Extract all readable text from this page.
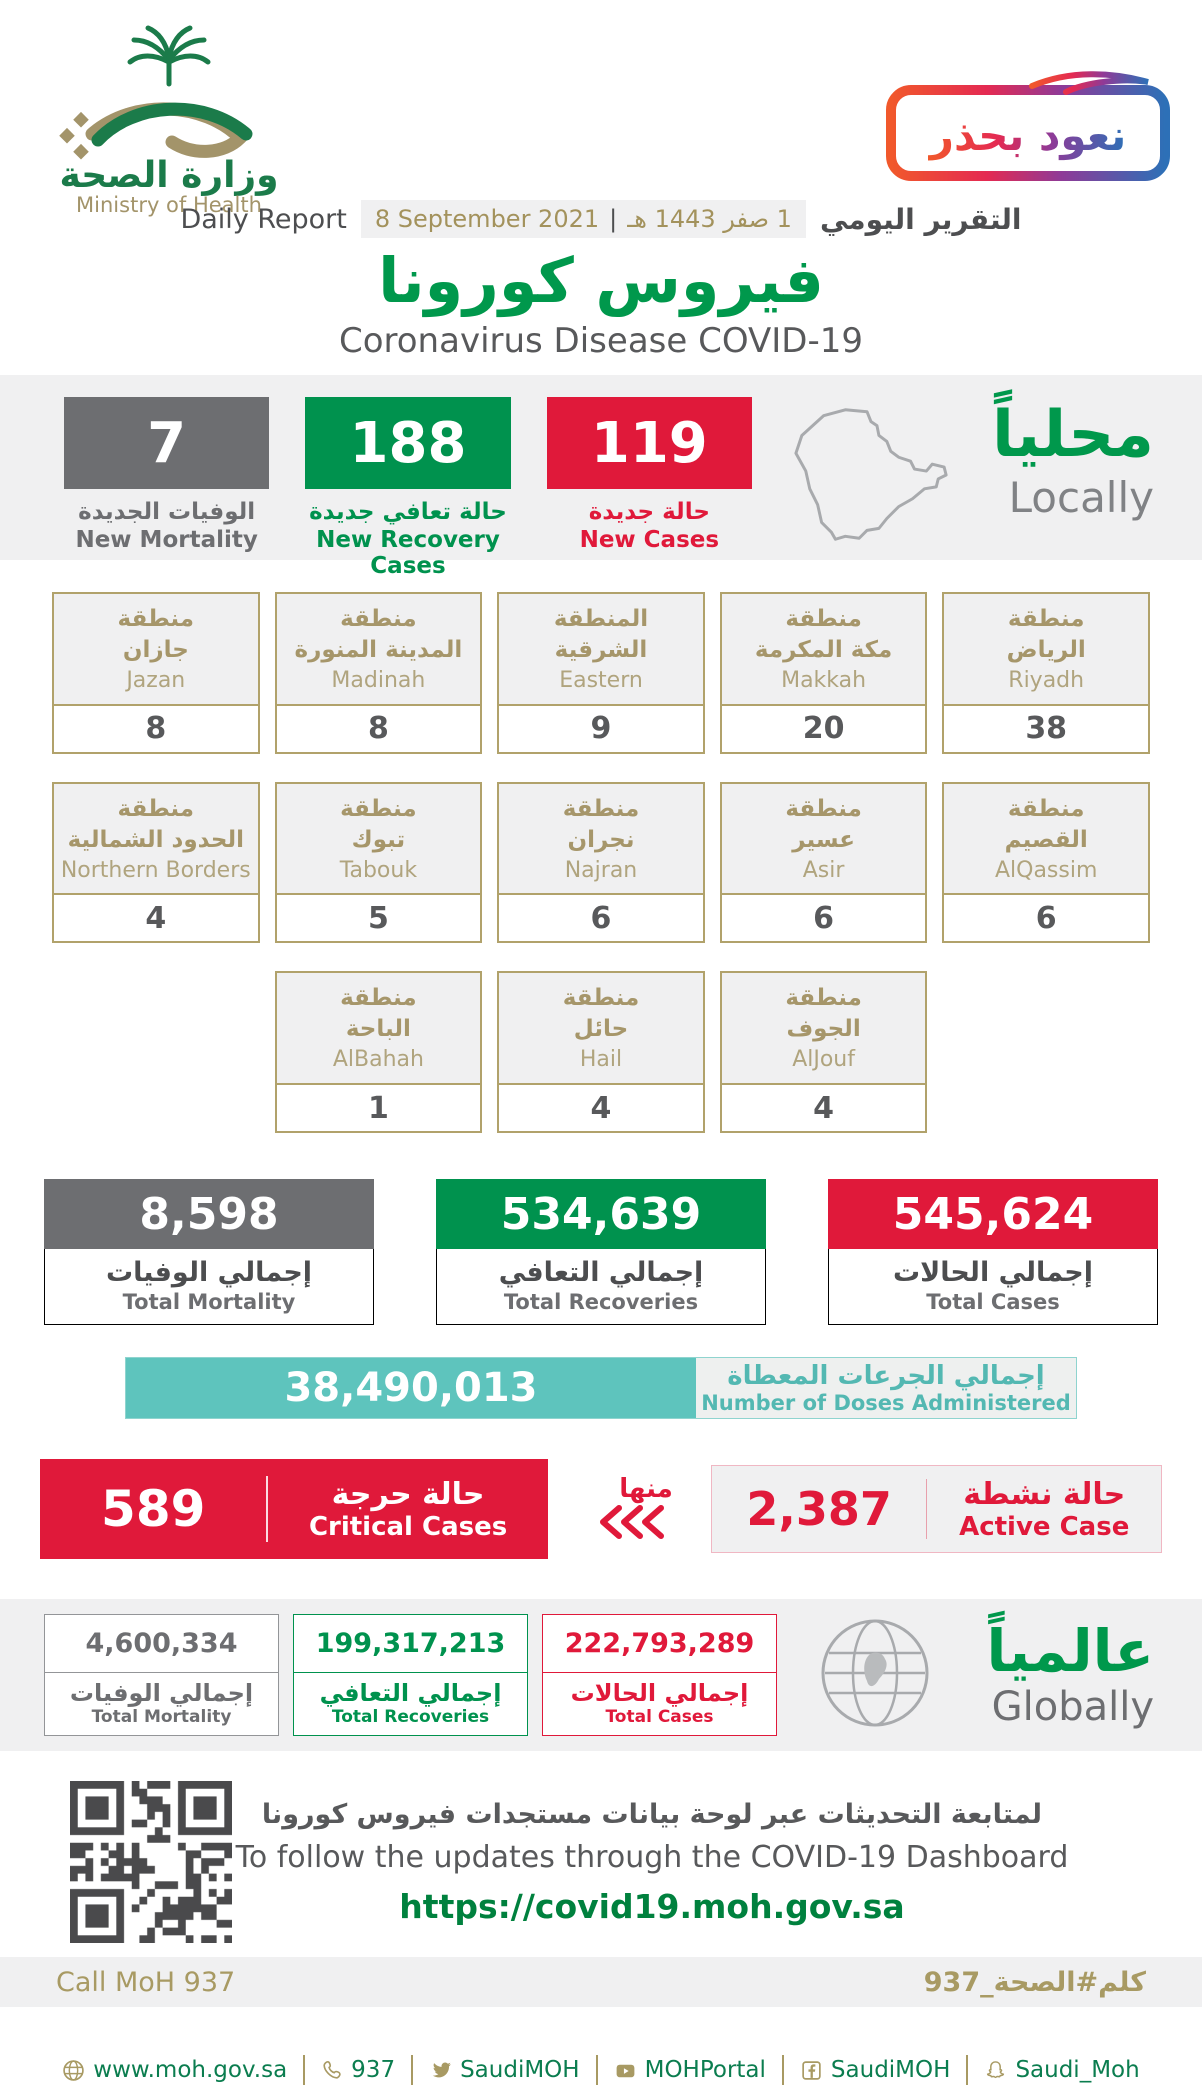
وزارة الصحة
Ministry of Health
نعود بحذر
Daily Report 8 September 2021 | 1 صفر 1443 هـ التقرير اليومي
فيروس كورونا
Coronavirus Disease COVID-19
7
الوفيات الجديدة
New Mortality
188
حالة تعافي جديدة
New Recovery Cases
119
حالة جديدة
New Cases
محلياً
Locally
منطقة
جازان
Jazan
8
منطقة
المدينة المنورة
Madinah
8
المنطقة
الشرقية
Eastern
9
منطقة
مكة المكرمة
Makkah
20
منطقة
الرياض
Riyadh
38
منطقة
الحدود الشمالية
Northern Borders
4
منطقة
تبوك
Tabouk
5
منطقة
نجران
Najran
6
منطقة
عسير
Asir
6
منطقة
القصيم
AlQassim
6
منطقة
الباحة
AlBahah
1
منطقة
حائل
Hail
4
منطقة
الجوف
AlJouf
4
8,598
إجمالي الوفيات
Total Mortality
534,639
إجمالي التعافي
Total Recoveries
545,624
إجمالي الحالات
Total Cases
38,490,013	إجمالي الجرعات المعطاة
Number of Doses Administered
589	حالة حرجة
Critical Cases
منها	2,387	حالة نشطة
Active Case
4,600,334
إجمالي الوفيات
Total Mortality
199,317,213
إجمالي التعافي
Total Recoveries
222,793,289
إجمالي الحالات
Total Cases
عالمياً
Globally
لمتابعة التحديثات عبر لوحة بيانات مستجدات فيروس كورونا
To follow the updates through the COVID-19 Dashboard
https://covid19.moh.gov.sa
Call MoH 937	كلم#الصحة_937
www.moh.gov.sa	937	SaudiMOH	MOHPortal	SaudiMOH	Saudi_Moh
